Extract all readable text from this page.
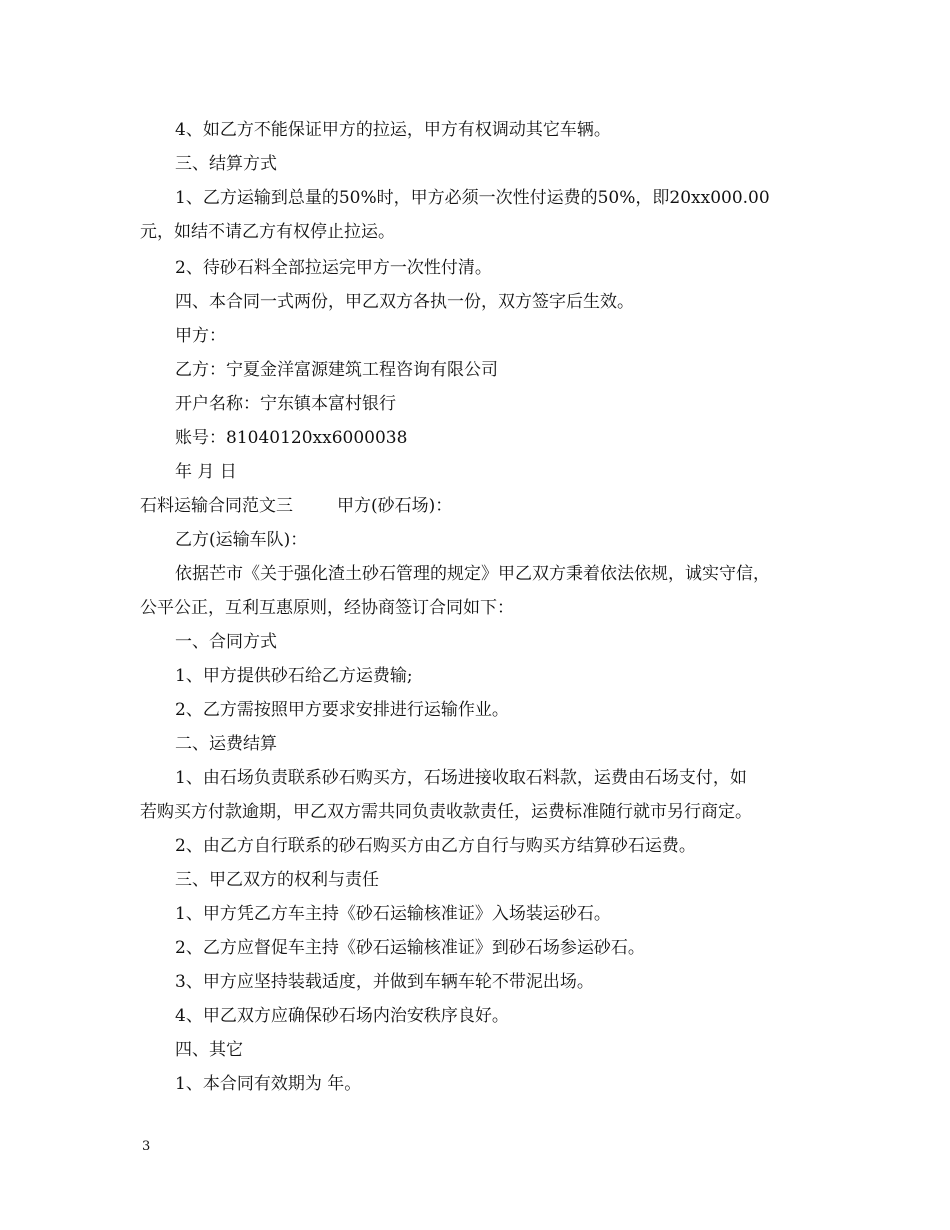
4、如乙方不能保证甲方的拉运，甲方有权调动其它车辆。
三、结算方式
1、乙方运输到总量的50%时，甲方必须一次性付运费的50%，即20xx000.00
元，如结不请乙方有权停止拉运。
2、待砂石料全部拉运完甲方一次性付清。
四、本合同一式两份，甲乙双方各执一份，双方签字后生效。
甲方：
乙方：宁夏金洋富源建筑工程咨询有限公司
开户名称：宁东镇本富村银行
账号：81040120xx6000038
年 月 日
石料运输合同范文三	甲方(砂石场)：
乙方(运输车队)：
依据芒市《关于强化渣土砂石管理的规定》甲乙双方秉着依法依规，诚实守信，
公平公正，互利互惠原则，经协商签订合同如下：
一、合同方式
1、甲方提供砂石给乙方运费输;
2、乙方需按照甲方要求安排进行运输作业。
二、运费结算
1、由石场负责联系砂石购买方，石场进接收取石料款，运费由石场支付，如
若购买方付款逾期，甲乙双方需共同负责收款责任，运费标准随行就市另行商定。
2、由乙方自行联系的砂石购买方由乙方自行与购买方结算砂石运费。
三、甲乙双方的权利与责任
1、甲方凭乙方车主持《砂石运输核准证》入场装运砂石。
2、乙方应督促车主持《砂石运输核准证》到砂石场参运砂石。
3、甲方应坚持装载适度，并做到车辆车轮不带泥出场。
4、甲乙双方应确保砂石场内治安秩序良好。
四、其它
1、本合同有效期为 年。
3
